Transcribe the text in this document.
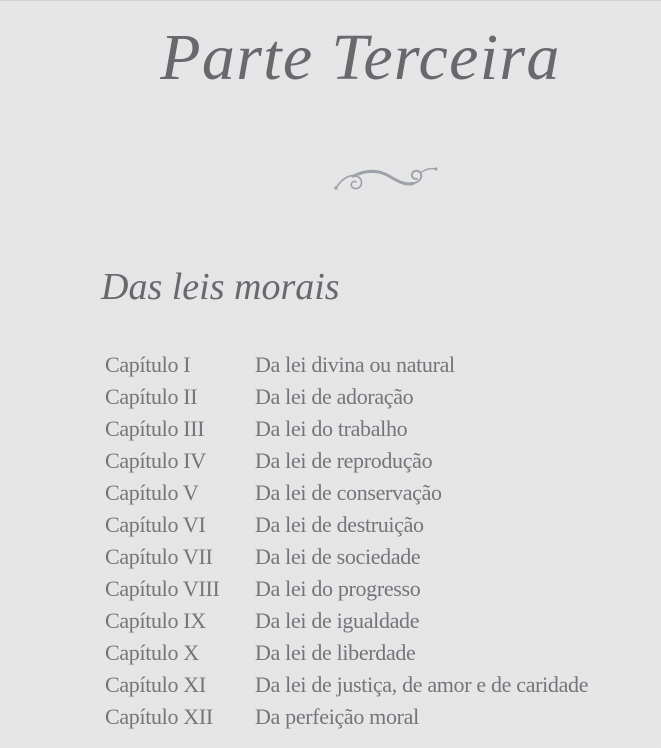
Parte Terceira
Das leis morais
Capítulo I	Da lei divina ou natural
Capítulo II	Da lei de adoração
Capítulo III	Da lei do trabalho
Capítulo IV	Da lei de reprodução
Capítulo V	Da lei de conservação
Capítulo VI	Da lei de destruição
Capítulo VII	Da lei de sociedade
Capítulo VIII	Da lei do progresso
Capítulo IX	Da lei de igualdade
Capítulo X	Da lei de liberdade
Capítulo XI	Da lei de justiça, de amor e de caridade
Capítulo XII	Da perfeição moral
